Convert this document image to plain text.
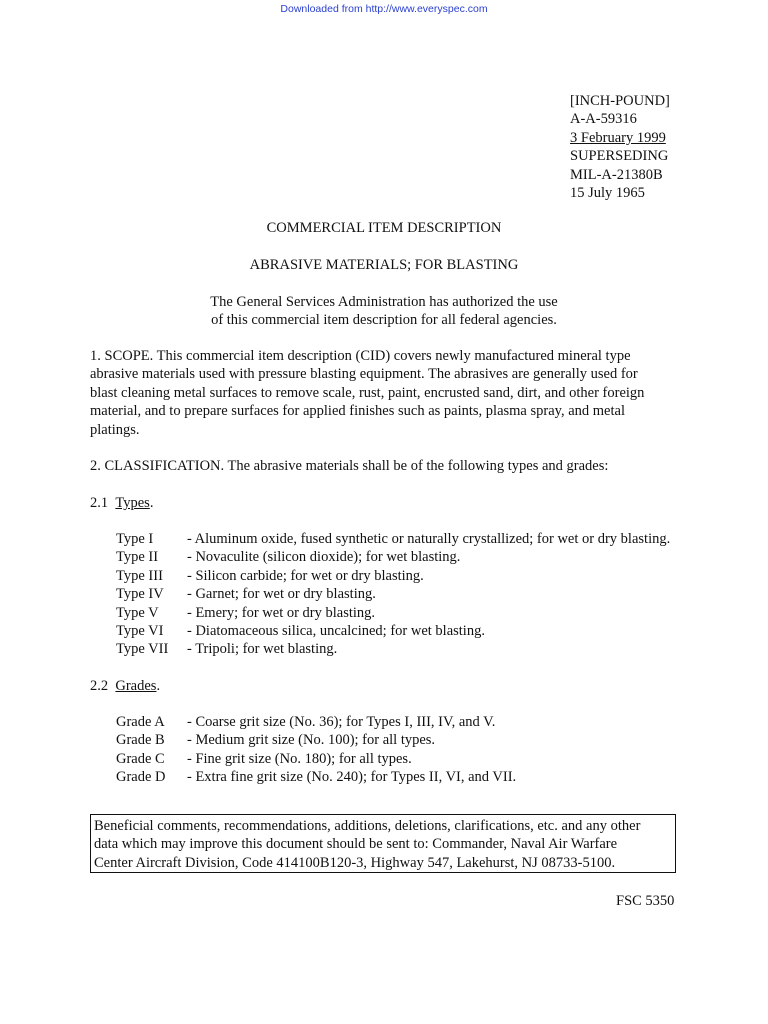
Downloaded from http://www.everyspec.com
[INCH-POUND]
A-A-59316
3 February 1999
SUPERSEDING
MIL-A-21380B
15 July 1965
COMMERCIAL ITEM DESCRIPTION
ABRASIVE MATERIALS; FOR BLASTING
The General Services Administration has authorized the use
of this commercial item description for all federal agencies.
1. SCOPE. This commercial item description (CID) covers newly manufactured mineral type
abrasive materials used with pressure blasting equipment. The abrasives are generally used for
blast cleaning metal surfaces to remove scale, rust, paint, encrusted sand, dirt, and other foreign
material, and to prepare surfaces for applied finishes such as paints, plasma spray, and metal
platings.
2. CLASSIFICATION. The abrasive materials shall be of the following types and grades:
2.1 Types.
Type I	- Aluminum oxide, fused synthetic or naturally crystallized; for wet or dry blasting.
Type II	- Novaculite (silicon dioxide); for wet blasting.
Type III	- Silicon carbide; for wet or dry blasting.
Type IV	- Garnet; for wet or dry blasting.
Type V	- Emery; for wet or dry blasting.
Type VI	- Diatomaceous silica, uncalcined; for wet blasting.
Type VII	- Tripoli; for wet blasting.
2.2 Grades.
Grade A	- Coarse grit size (No. 36); for Types I, III, IV, and V.
Grade B	- Medium grit size (No. 100); for all types.
Grade C	- Fine grit size (No. 180); for all types.
Grade D	- Extra fine grit size (No. 240); for Types II, VI, and VII.
Beneficial comments, recommendations, additions, deletions, clarifications, etc. and any other
data which may improve this document should be sent to: Commander, Naval Air Warfare
Center Aircraft Division, Code 414100B120-3, Highway 547, Lakehurst, NJ 08733-5100.
FSC 5350
